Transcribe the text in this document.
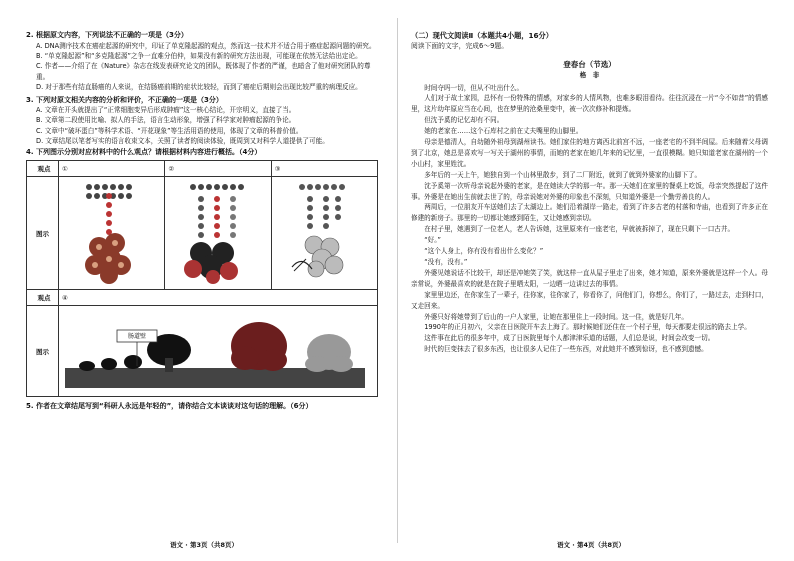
2. 根据原文内容，下列说法不正确的一项是（3分）

A. DNA测序技术在癌症起源的研究中，印证了单克隆起源的观点，然而这一技术并不适合用于癌症起源问题的研究。

B. “单克隆起源”和“多克隆起源”之争一直难分伯仲，如果没有新的研究方法出现，可能现在依然无法给出定论。

C. 作者——介绍了在《Nature》杂志在线发表研究论文的团队，既体现了作者的严谨，也暗含了他对研究团队的尊重。

D. 对于那些有结直肠癌的人来说，在结肠癌前期的症状比较轻，而到了癌症后期则会出现比较严重的病理反应。

3. 下列对原文相关内容的分析和评价，不正确的一项是（3分）

A. 文章在开头就提出了“正常细胞变异后形成肿瘤”这一核心结论，开宗明义，直接了当。

B. 文章第二段使用比喻、拟人的手法，语言生动形象，增强了科学家对肿瘤起源的争论。

C. 文章中“破坏蛋白”等科学术语、“开花现象”等生活用语的使用，体现了文章的科普价值。

D. 文章结尾以笔者写实的语言收束文本，关照了读者的阅读体验，既周到又对科学人道提供了可能。

4. 下列图示分别对应材料中的什么观点？请根据材料内容进行概括。（4分）

观点	①	②	③
图示			
观点	④		
图示	肠道壁		

5. 作者在文章结尾写到“科研人永远是年轻的”，请你结合文本谈谈对这句话的理解。（6分）

语文 · 第3页（共8页）

（二）现代文阅读Ⅱ（本题共4小题，16分）

阅读下面的文字，完成6～9题。

登春台（节选）

格　非

时间夺吗一切，但从不吐出什么。

人们对于故土家园，总怀有一份特殊的情感，对家乡的人情风物，也难多眼泪看待。往往沉浸在一片“今不如昔”的情感里，这片幼年原应当在心间，也在梦里的沧桑里变中，被一次次修补和提炼。

但沈予奚的记忆却有不同。

她的老家在……这个石库村之前在丈夫嘴里的山脚里。

母亲是德清人，自幼随外祖母到湖州读书。她们家住的地方离西北前宫不远，一座老宅的不到半间屋。后来随着父母调到了北京，她总是喜欢写一写关于湖州的事情，而她的老家在她几年来的记忆里，一直很模糊。她只知道老家在湖州的一个小山村，家里姓沈。

多年后的一天上午，她独自到一个山林里散步，到了二厂附近，就到了就到外婆家的山脚下了。

沈予奚第一次听母亲说起外婆的老家，是在她读大学的那一年。那一天她们在家里的餐桌上吃饭，母亲突然提起了这件事。外婆是在她出生前就去世了的，母亲说她对外婆的印象也不深刻，只知道外婆是一个勤劳善良的人。

两周后，一位朋友开车送她们去了太湖边上。她们沿着湖岸一路走，看到了许多古老的村落和寺庙，也看到了许多正在修建的新房子。那里的一切都让她感到陌生，又让她感到亲切。

在村子里，她遇到了一位老人，老人告诉她，这里原来有一座老宅，早就被拆掉了，现在只剩下一口古井。

“好。”

“这个人身上，你有没有看出什么变化？”

“没有，没有。”

外婆见她说话不比较干，却还是冲她笑了笑，就这样一直从屋子里走了出来，她才知道，原来外婆就是这样一个人。母亲常说，外婆最喜欢的就是在院子里晒太阳，一边晒一边讲过去的事情。

家里里边还，在你家生了一辈子，往你家，往你家了，你看你了，问他们门，你想么，你们了，一路过去，走到村口，又走回来。

外婆只好将她带到了后山的一户人家里，让她在那里住上一段时间。这一住，就是好几年。

1990年的正月初六，父亲在日医院开车去上海了。那时候她们还住在一个村子里，每天都要走很远的路去上学。

这件事在此后的很多年中，成了日医院里每个人都津津乐道的话题，人们总是说，时间会改变一切。

时代的巨变抹去了很多东西，也让很多人记住了一些东西，对此她并不感到惊讶，也不感到遗憾。

语文 · 第4页（共8页）
